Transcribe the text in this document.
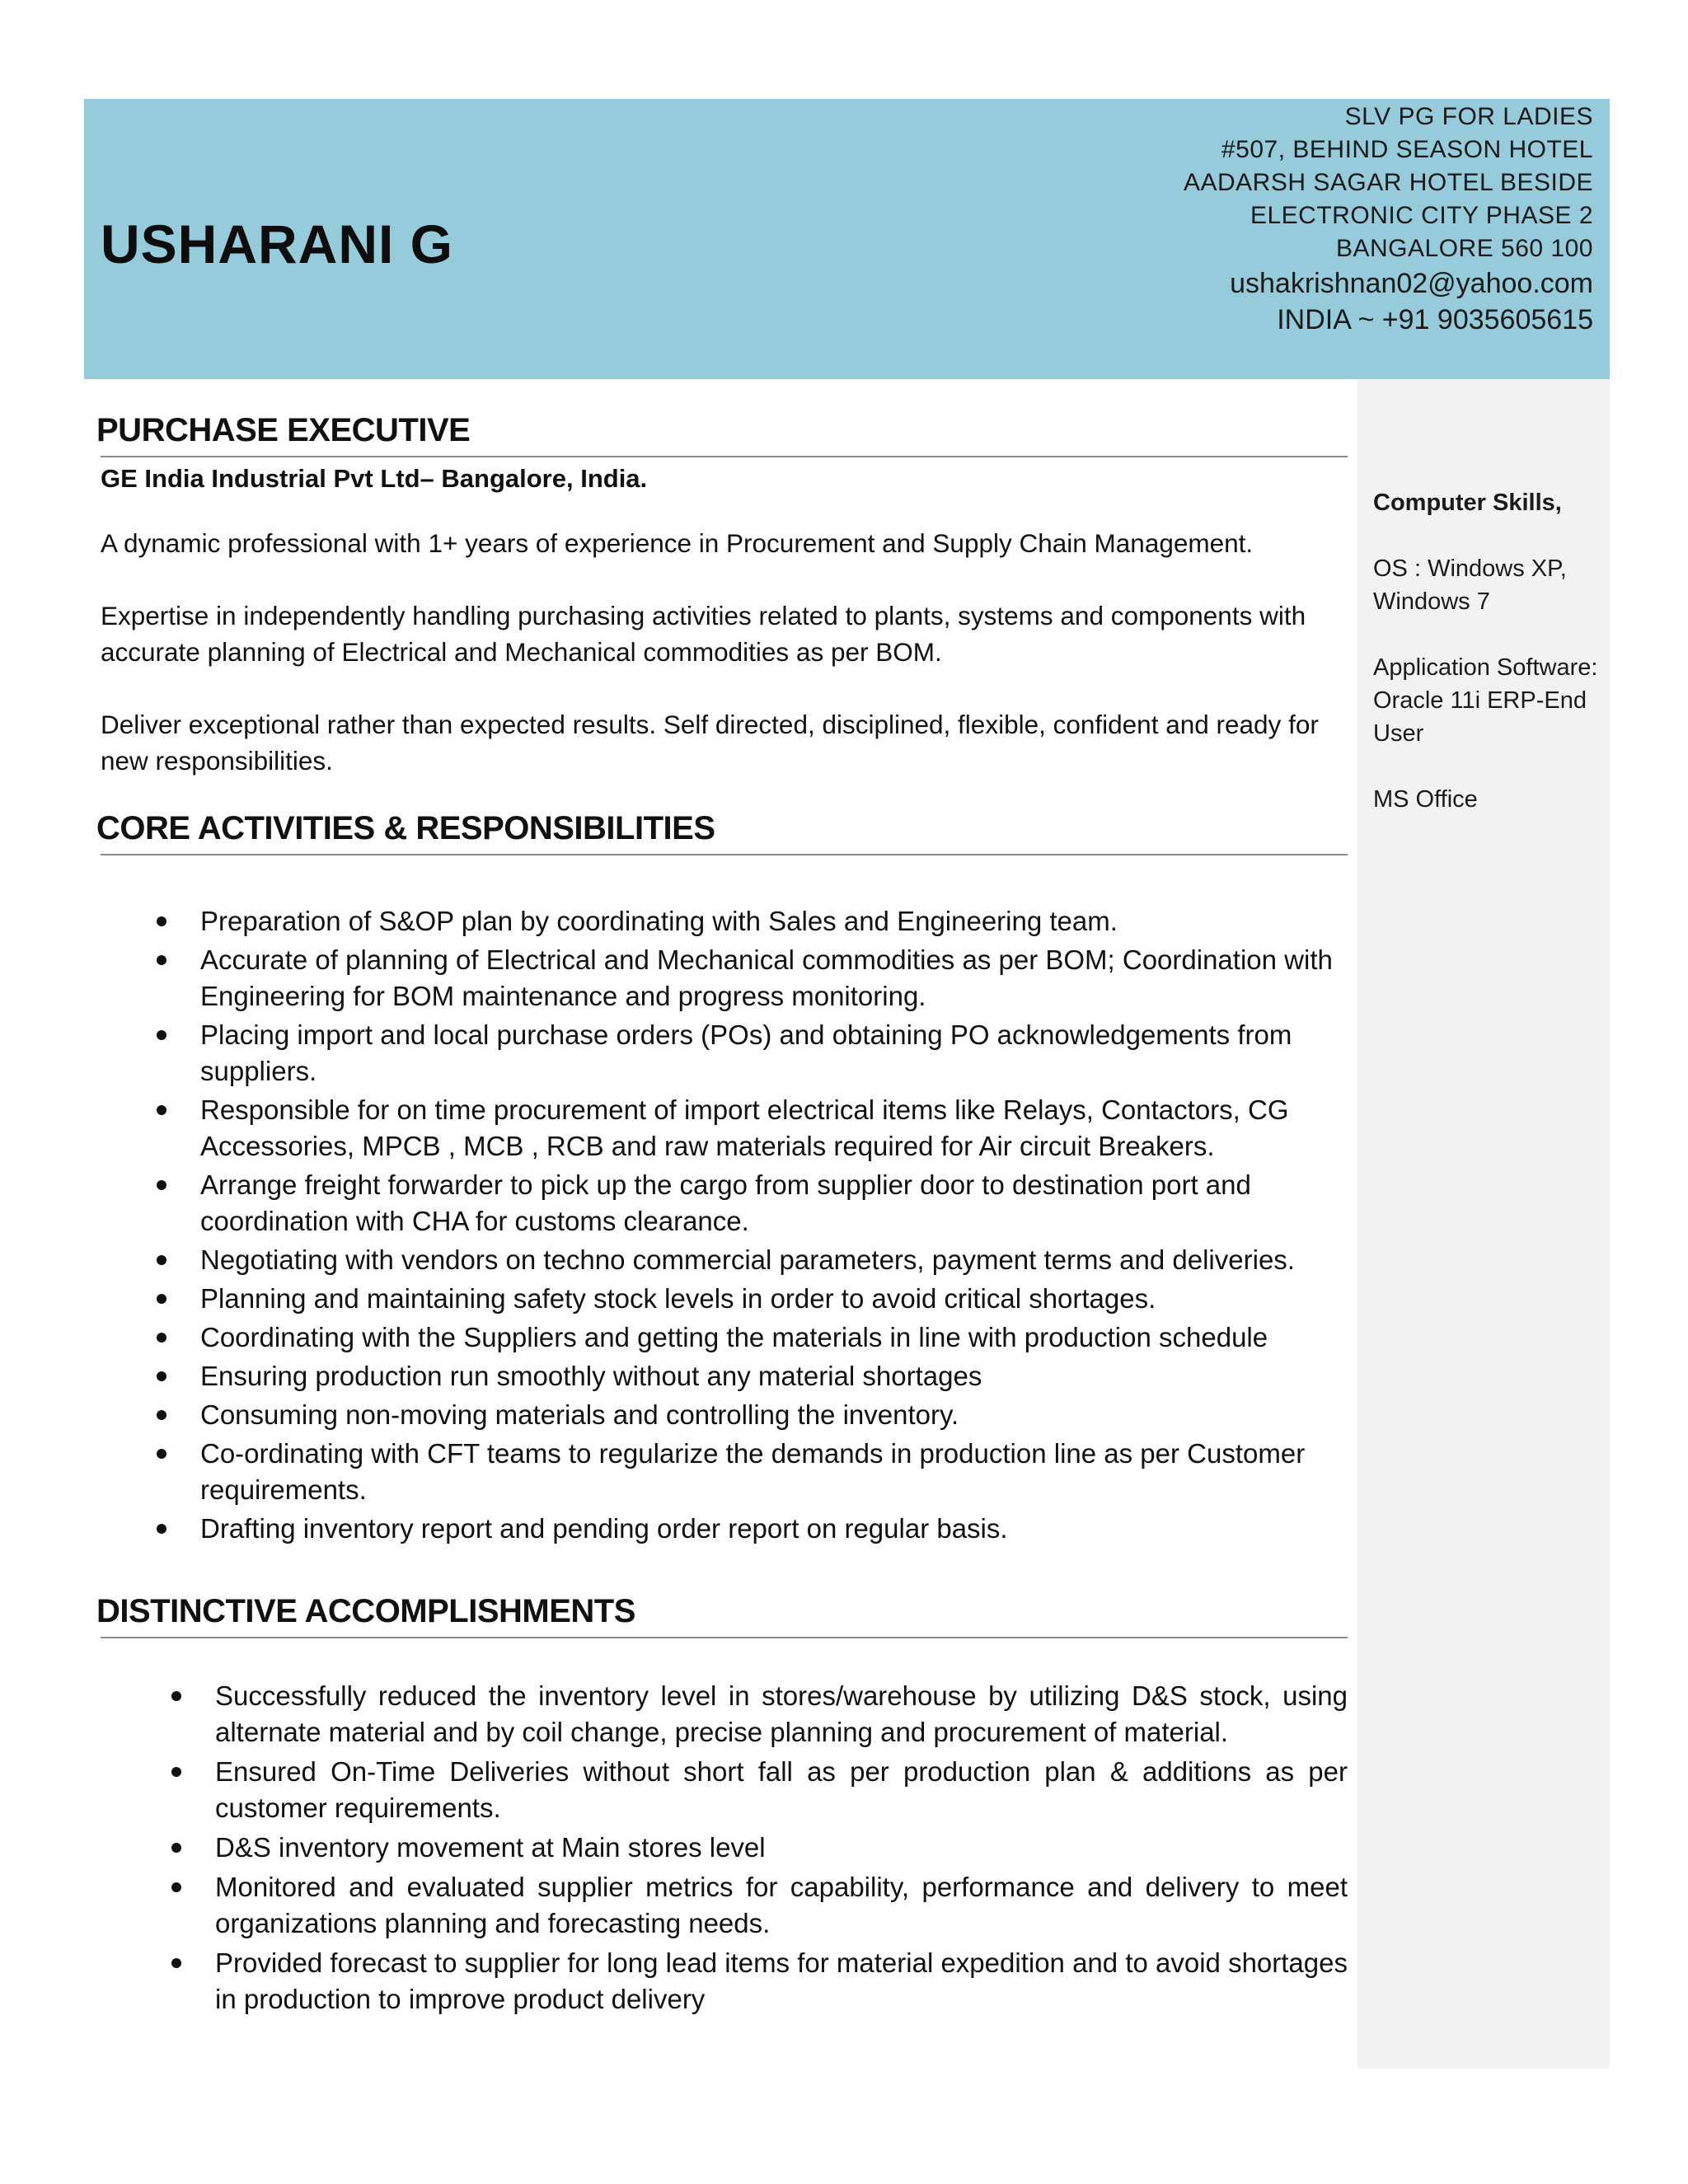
USHARANI G
SLV PG FOR LADIES
#507, BEHIND SEASON HOTEL
AADARSH SAGAR HOTEL BESIDE
ELECTRONIC CITY PHASE 2
BANGALORE 560 100
ushakrishnan02@yahoo.com
INDIA ~ +91 9035605615
Computer Skills,
OS : Windows XP, Windows 7
Application Software: Oracle 11i ERP-End User
MS Office
PURCHASE EXECUTIVE
GE India Industrial Pvt Ltd– Bangalore, India.

A dynamic professional with 1+ years of experience in Procurement and Supply Chain Management.

Expertise in independently handling purchasing activities related to plants, systems and components with accurate planning of Electrical and Mechanical commodities as per BOM.

Deliver exceptional rather than expected results. Self directed, disciplined, flexible, confident and ready for new responsibilities.

CORE ACTIVITIES & RESPONSIBILITIES
Preparation of S&OP plan by coordinating with Sales and Engineering team.
Accurate of planning of Electrical and Mechanical commodities as per BOM; Coordination with Engineering for BOM maintenance and progress monitoring.
Placing import and local purchase orders (POs) and obtaining PO acknowledgements from suppliers.
Responsible for on time procurement of import electrical items like Relays, Contactors, CG Accessories, MPCB , MCB , RCB and raw materials required for Air circuit Breakers.
Arrange freight forwarder to pick up the cargo from supplier door to destination port and coordination with CHA for customs clearance.
Negotiating with vendors on techno commercial parameters, payment terms and deliveries.
Planning and maintaining safety stock levels in order to avoid critical shortages.
Coordinating with the Suppliers and getting the materials in line with production schedule
Ensuring production run smoothly without any material shortages
Consuming non-moving materials and controlling the inventory.
Co-ordinating with CFT teams to regularize the demands in production line as per Customer requirements.
Drafting inventory report and pending order report on regular basis.
DISTINCTIVE ACCOMPLISHMENTS
Successfully reduced the inventory level in stores/warehouse by utilizing D&S stock, using alternate material and by coil change, precise planning and procurement of material.
Ensured On-Time Deliveries without short fall as per production plan & additions as per customer requirements.
D&S inventory movement at Main stores level
Monitored and evaluated supplier metrics for capability, performance and delivery to meet organizations planning and forecasting needs.
Provided forecast to supplier for long lead items for material expedition and to avoid shortages in production to improve product delivery
